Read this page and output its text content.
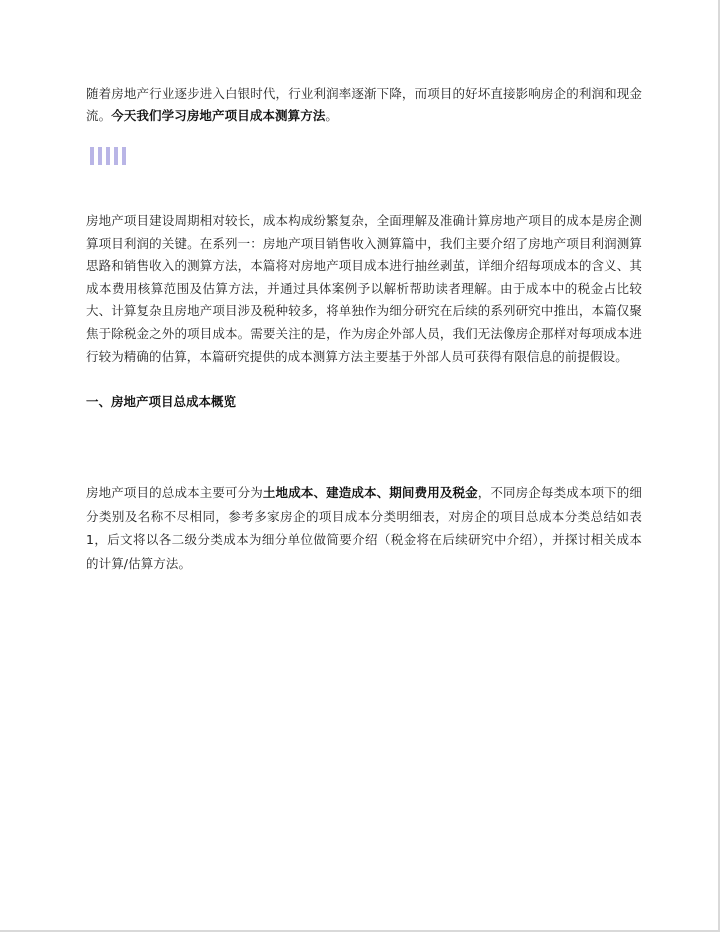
随着房地产行业逐步进入白银时代，行业利润率逐渐下降，而项目的好坏直接影响房企的利润和现金流。今天我们学习房地产项目成本测算方法。

房地产项目建设周期相对较长，成本构成纷繁复杂，全面理解及准确计算房地产项目的成本是房企测算项目利润的关键。在系列一：房地产项目销售收入测算篇中，我们主要介绍了房地产项目利润测算思路和销售收入的测算方法，本篇将对房地产项目成本进行抽丝剥茧，详细介绍每项成本的含义、其成本费用核算范围及估算方法，并通过具体案例予以解析帮助读者理解。由于成本中的税金占比较大、计算复杂且房地产项目涉及税种较多，将单独作为细分研究在后续的系列研究中推出，本篇仅聚焦于除税金之外的项目成本。需要关注的是，作为房企外部人员，我们无法像房企那样对每项成本进行较为精确的估算，本篇研究提供的成本测算方法主要基于外部人员可获得有限信息的前提假设。

一、房地产项目总成本概览

房地产项目的总成本主要可分为土地成本、建造成本、期间费用及税金，不同房企每类成本项下的细分类别及名称不尽相同，参考多家房企的项目成本分类明细表，对房企的项目总成本分类总结如表 1，后文将以各二级分类成本为细分单位做简要介绍（税金将在后续研究中介绍），并探讨相关成本的计算/估算方法。
